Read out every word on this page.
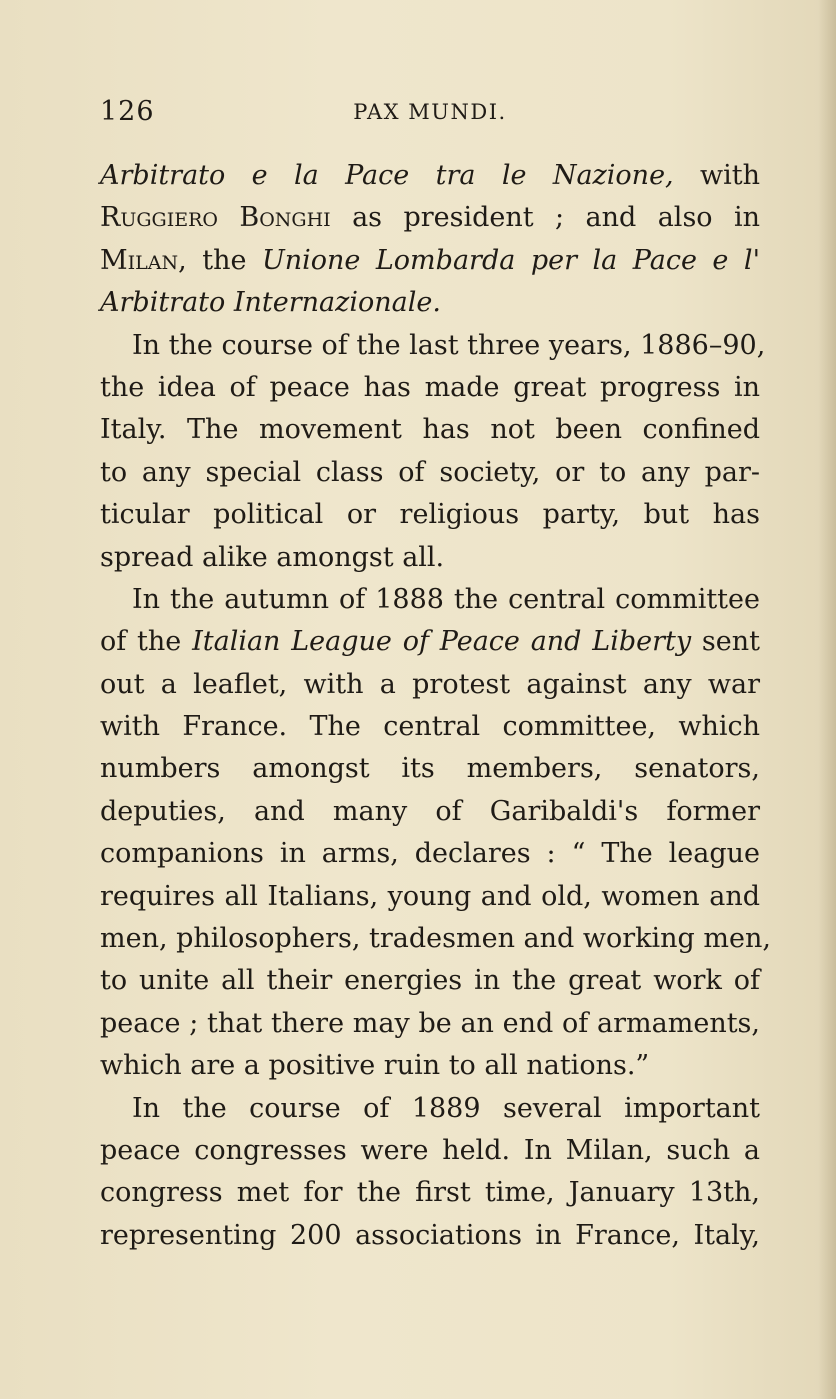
126	PAX MUNDI.
Arbitrato e la Pace tra le Nazione, with
Ruggiero Bonghi as president ; and also in
Milan, the Unione Lombarda per la Pace e l'
Arbitrato Internazionale.
In the course of the last three years, 1886–90,
the idea of peace has made great progress in
Italy. The movement has not been confined
to any special class of society, or to any par-
ticular political or religious party, but has
spread alike amongst all.
In the autumn of 1888 the central committee
of the Italian League of Peace and Liberty sent
out a leaflet, with a protest against any war
with France. The central committee, which
numbers amongst its members, senators,
deputies, and many of Garibaldi's former
companions in arms, declares : “ The league
requires all Italians, young and old, women and
men, philosophers, tradesmen and working men,
to unite all their energies in the great work of
peace ; that there may be an end of armaments,
which are a positive ruin to all nations.”
In the course of 1889 several important
peace congresses were held. In Milan, such a
congress met for the first time, January 13th,
representing 200 associations in France, Italy,
